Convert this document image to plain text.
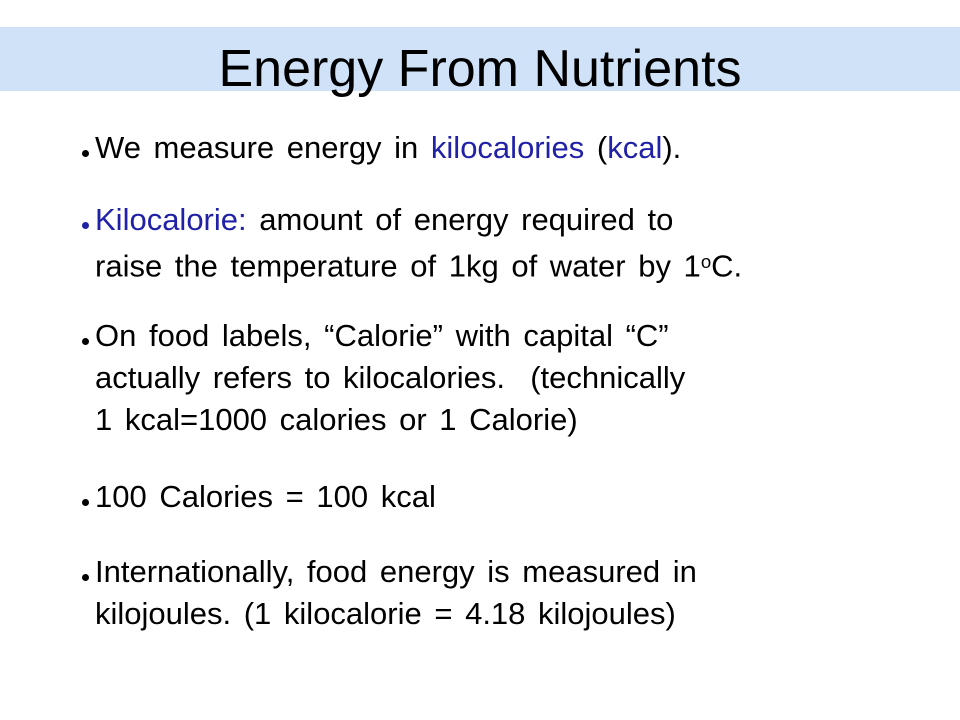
Energy From Nutrients
We measure energy in kilocalories (kcal).
Kilocalorie: amount of energy required to
raise the temperature of 1kg of water by 1$^o$C.
On food labels, “Calorie” with capital “C”
actually refers to kilocalories.  (technically
1 kcal=1000 calories or 1 Calorie)
100 Calories = 100 kcal
Internationally, food energy is measured in
kilojoules. (1 kilocalorie = 4.18 kilojoules)
